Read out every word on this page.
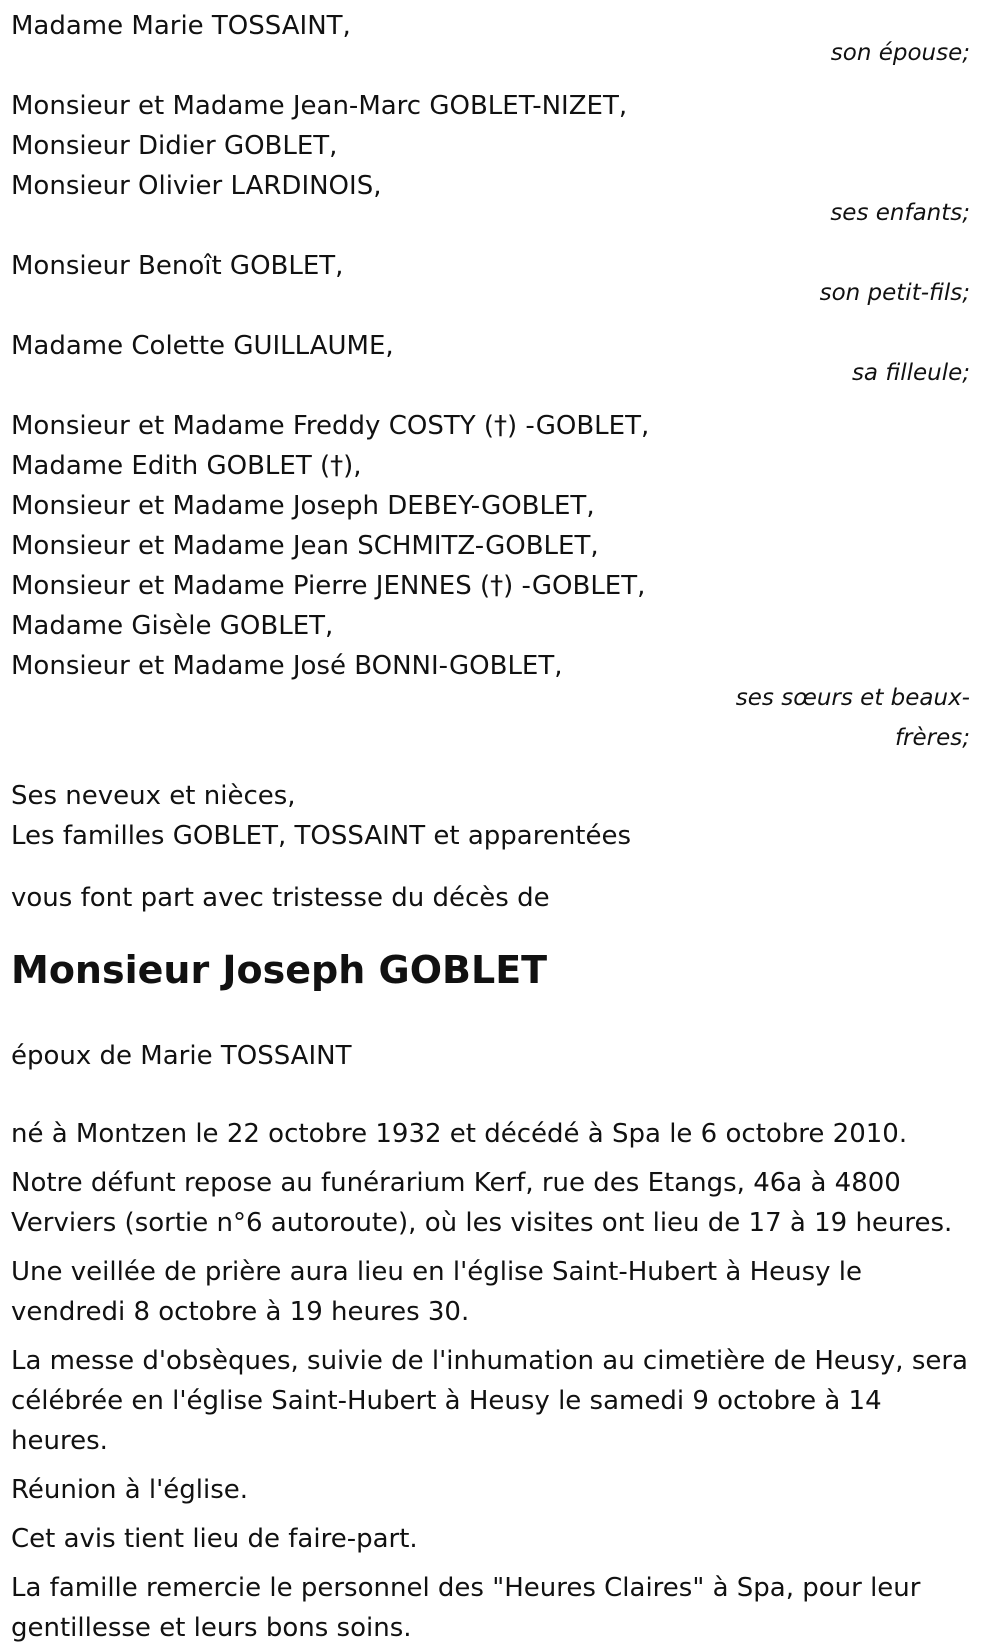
Madame Marie TOSSAINT,
son épouse;
Monsieur et Madame Jean-Marc GOBLET-NIZET,
Monsieur Didier GOBLET,
Monsieur Olivier LARDINOIS,
ses enfants;
Monsieur Benoît GOBLET,
son petit-fils;
Madame Colette GUILLAUME,
sa filleule;
Monsieur et Madame Freddy COSTY (†) -GOBLET,
Madame Edith GOBLET (†),
Monsieur et Madame Joseph DEBEY-GOBLET,
Monsieur et Madame Jean SCHMITZ-GOBLET,
Monsieur et Madame Pierre JENNES (†) -GOBLET,
Madame Gisèle GOBLET,
Monsieur et Madame José BONNI-GOBLET,
ses sœurs et beaux-frères;
Ses neveux et nièces,
Les familles GOBLET, TOSSAINT et apparentées
vous font part avec tristesse du décès de
Monsieur Joseph GOBLET
époux de Marie TOSSAINT

né à Montzen le 22 octobre 1932 et décédé à Spa le 6 octobre 2010.

Notre défunt repose au funérarium Kerf, rue des Etangs, 46a à 4800 Verviers (sortie n°6 autoroute), où les visites ont lieu de 17 à 19 heures.

Une veillée de prière aura lieu en l'église Saint-Hubert à Heusy le vendredi 8 octobre à 19 heures 30.

La messe d'obsèques, suivie de l'inhumation au cimetière de Heusy, sera célébrée en l'église Saint-Hubert à Heusy le samedi 9 octobre à 14 heures.

Réunion à l'église.

Cet avis tient lieu de faire-part.

La famille remercie le personnel des "Heures Claires" à Spa, pour leur gentillesse et leurs bons soins.
